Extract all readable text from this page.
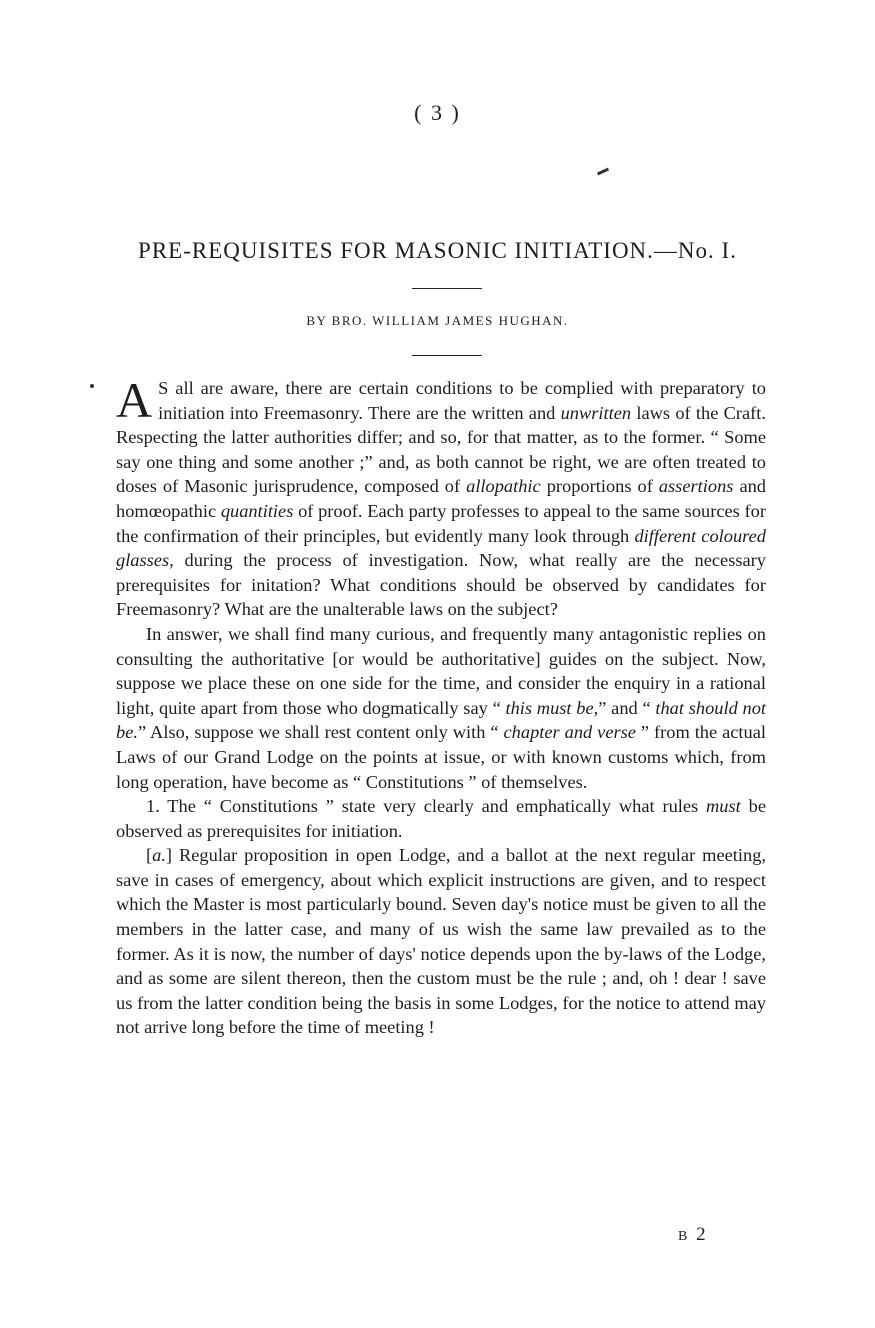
( 3 )
PRE-REQUISITES FOR MASONIC INITIATION.—No. I.
BY BRO. WILLIAM JAMES HUGHAN.

A S all are aware, there are certain conditions to be complied with preparatory to initiation into Freemasonry. There are the written and unwritten laws of the Craft. Respecting the latter authorities differ; and so, for that matter, as to the former. “ Some say one thing and some another ;” and, as both cannot be right, we are often treated to doses of Masonic jurisprudence, composed of allopathic proportions of assertions and homœopathic quantities of proof. Each party professes to appeal to the same sources for the confirmation of their principles, but evidently many look through different coloured glasses, during the process of investigation. Now, what really are the necessary prerequisites for initation? What conditions should be observed by candidates for Freemasonry? What are the unalterable laws on the subject?

In answer, we shall find many curious, and frequently many antagonistic replies on consulting the authoritative [or would be authoritative] guides on the subject. Now, suppose we place these on one side for the time, and consider the enquiry in a rational light, quite apart from those who dogmatically say “ this must be,” and “ that should not be.” Also, suppose we shall rest content only with “ chapter and verse ” from the actual Laws of our Grand Lodge on the points at issue, or with known customs which, from long operation, have become as “ Constitutions ” of themselves.

1. The “ Constitutions ” state very clearly and emphatically what rules must be observed as prerequisites for initiation.

[a.] Regular proposition in open Lodge, and a ballot at the next regular meeting, save in cases of emergency, about which explicit instructions are given, and to respect which the Master is most particularly bound. Seven day's notice must be given to all the members in the latter case, and many of us wish the same law prevailed as to the former. As it is now, the number of days' notice depends upon the by-laws of the Lodge, and as some are silent thereon, then the custom must be the rule ; and, oh ! dear ! save us from the latter condition being the basis in some Lodges, for the notice to attend may not arrive long before the time of meeting !

B 2
